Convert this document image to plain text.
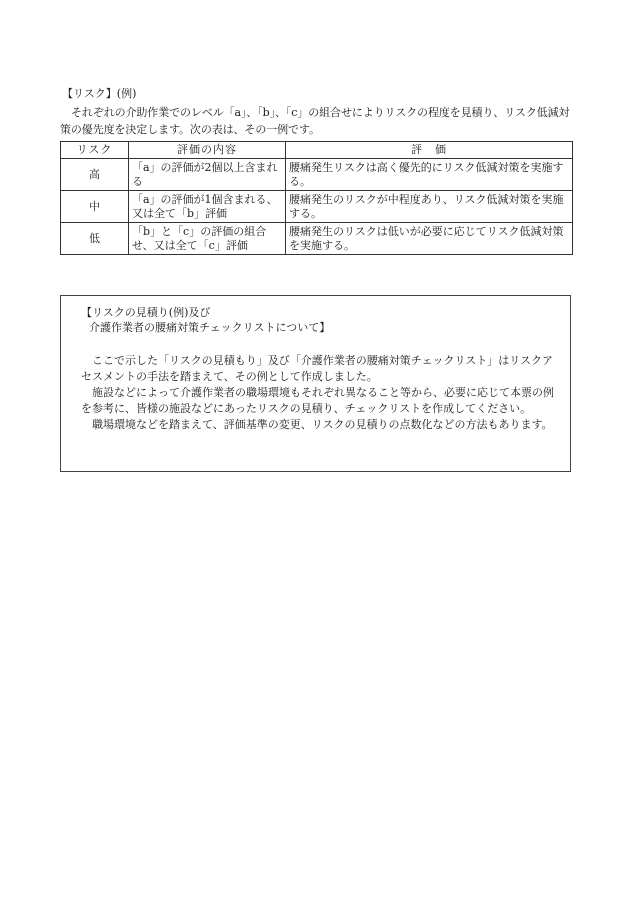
【リスク】(例)
それぞれの介助作業でのレベル「a」、「b」、「c」の組合せによりリスクの程度を見積り、リスク低減対策の優先度を決定します。次の表は、その一例です。
リスク	評価の内容	評　価
高	「a」の評価が2個以上含まれる	腰痛発生リスクは高く優先的にリスク低減対策を実施する。
中	「a」の評価が1個含まれる、又は全て「b」評価	腰痛発生のリスクが中程度あり、リスク低減対策を実施する。
低	「b」と「c」の評価の組合せ、又は全て「c」評価	腰痛発生のリスクは低いが必要に応じてリスク低減対策を実施する。
【リスクの見積り(例)及び
介護作業者の腰痛対策チェックリストについて】

ここで示した「リスクの見積もり」及び「介護作業者の腰痛対策チェックリスト」はリスクアセスメントの手法を踏まえて、その例として作成しました。

施設などによって介護作業者の職場環境もそれぞれ異なること等から、必要に応じて本票の例を参考に、皆様の施設などにあったリスクの見積り、チェックリストを作成してください。

職場環境などを踏まえて、評価基準の変更、リスクの見積りの点数化などの方法もあります。
